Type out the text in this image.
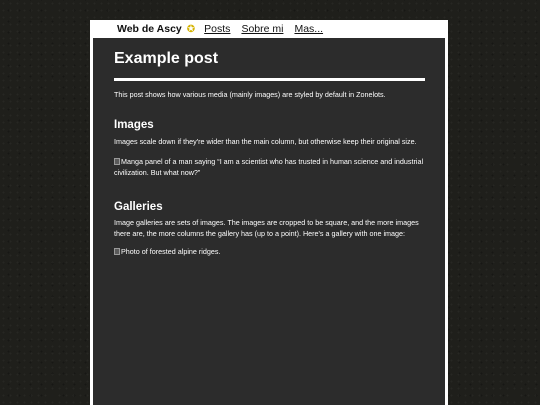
Web de Ascy ✪ Posts Sobre mi Mas...
Example post

This post shows how various media (mainly images) are styled by default in Zonelots.

Images

Images scale down if they're wider than the main column, but otherwise keep their original size.

Manga panel of a man saying “I am a scientist who has trusted in human science and industrial civilization. But what now?”
Galleries

Image galleries are sets of images. The images are cropped to be square, and the more images there are, the more columns the gallery has (up to a point). Here's a gallery with one image:

Photo of forested alpine ridges.
